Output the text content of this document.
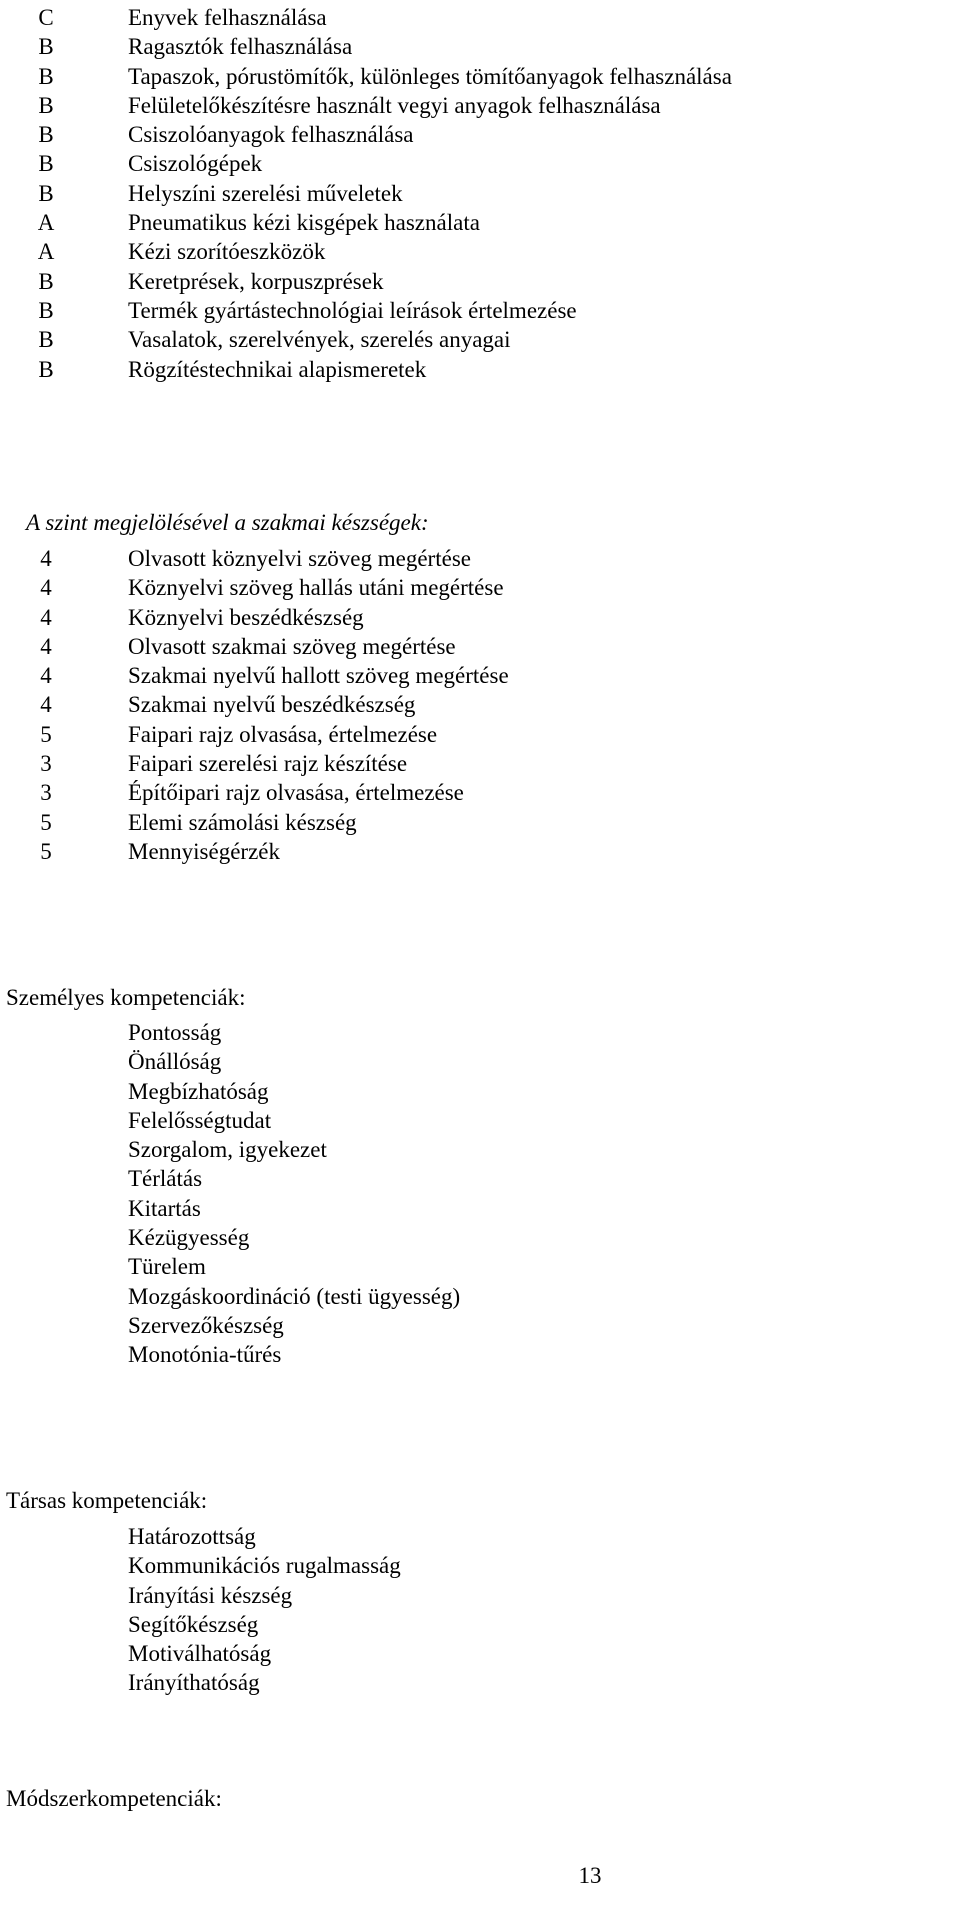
C	Enyvek felhasználása
B	Ragasztók felhasználása
B	Tapaszok, pórustömítők, különleges tömítőanyagok felhasználása
B	Felületelőkészítésre használt vegyi anyagok felhasználása
B	Csiszolóanyagok felhasználása
B	Csiszológépek
B	Helyszíni szerelési műveletek
A	Pneumatikus kézi kisgépek használata
A	Kézi szorítóeszközök
B	Keretprések, korpuszprések
B	Termék gyártástechnológiai leírások értelmezése
B	Vasalatok, szerelvények, szerelés anyagai
B	Rögzítéstechnikai alapismeretek
A szint megjelölésével a szakmai készségek:
4	Olvasott köznyelvi szöveg megértése
4	Köznyelvi szöveg hallás utáni megértése
4	Köznyelvi beszédkészség
4	Olvasott szakmai szöveg megértése
4	Szakmai nyelvű hallott szöveg megértése
4	Szakmai nyelvű beszédkészség
5	Faipari rajz olvasása, értelmezése
3	Faipari szerelési rajz készítése
3	Építőipari rajz olvasása, értelmezése
5	Elemi számolási készség
5	Mennyiségérzék
Személyes kompetenciák:
Pontosság
Önállóság
Megbízhatóság
Felelősségtudat
Szorgalom, igyekezet
Térlátás
Kitartás
Kézügyesség
Türelem
Mozgáskoordináció (testi ügyesség)
Szervezőkészség
Monotónia-tűrés
Társas kompetenciák:
Határozottság
Kommunikációs rugalmasság
Irányítási készség
Segítőkészség
Motiválhatóság
Irányíthatóság
Módszerkompetenciák:
13
